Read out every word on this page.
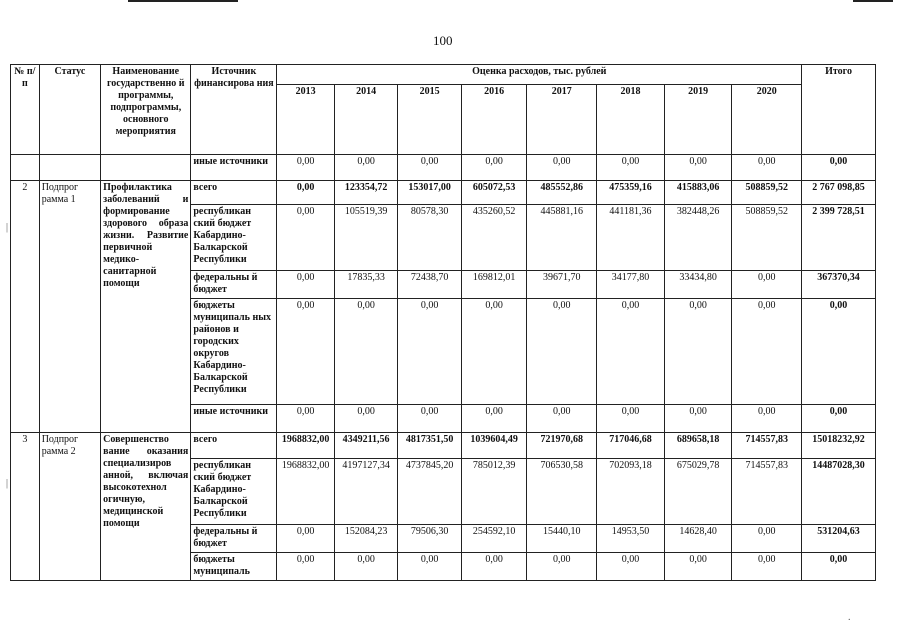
100
№ п/п	Статус	Наименование государственно й программы, подпрограммы, основного мероприятия	Источник финансирова ния	Оценка расходов, тыс. рублей								Итого
				2013	2014	2015	2016	2017	2018	2019	2020	
			иные источники	0,00	0,00	0,00	0,00	0,00	0,00	0,00	0,00	0,00
2	Подпрог рамма 1	Профилактика заболеваний и формирование здорового образа жизни. Развитие первичной медико-санитарной помощи	всего	0,00	123354,72	153017,00	605072,53	485552,86	475359,16	415883,06	508859,52	2 767 098,85
			республикан ский бюджет Кабардино-Балкарской Республики	0,00	105519,39	80578,30	435260,52	445881,16	441181,36	382448,26	508859,52	2 399 728,51
			федеральны й бюджет	0,00	17835,33	72438,70	169812,01	39671,70	34177,80	33434,80	0,00	367370,34
			бюджеты муниципаль ных районов и городских округов Кабардино-Балкарской Республики	0,00	0,00	0,00	0,00	0,00	0,00	0,00	0,00	0,00
			иные источники	0,00	0,00	0,00	0,00	0,00	0,00	0,00	0,00	0,00
3	Подпрог рамма 2	Совершенство вание оказания специализиров анной, включая высокотехнол огичную, медицинской помощи	всего	1968832,00	4349211,56	4817351,50	1039604,49	721970,68	717046,68	689658,18	714557,83	15018232,92
			республикан ский бюджет Кабардино-Балкарской Республики	1968832,00	4197127,34	4737845,20	785012,39	706530,58	702093,18	675029,78	714557,83	14487028,30
			федеральны й бюджет	0,00	152084,23	79506,30	254592,10	15440,10	14953,50	14628,40	0,00	531204,63
			бюджеты муниципаль	0,00	0,00	0,00	0,00	0,00	0,00	0,00	0,00	0,00
|
|
.
